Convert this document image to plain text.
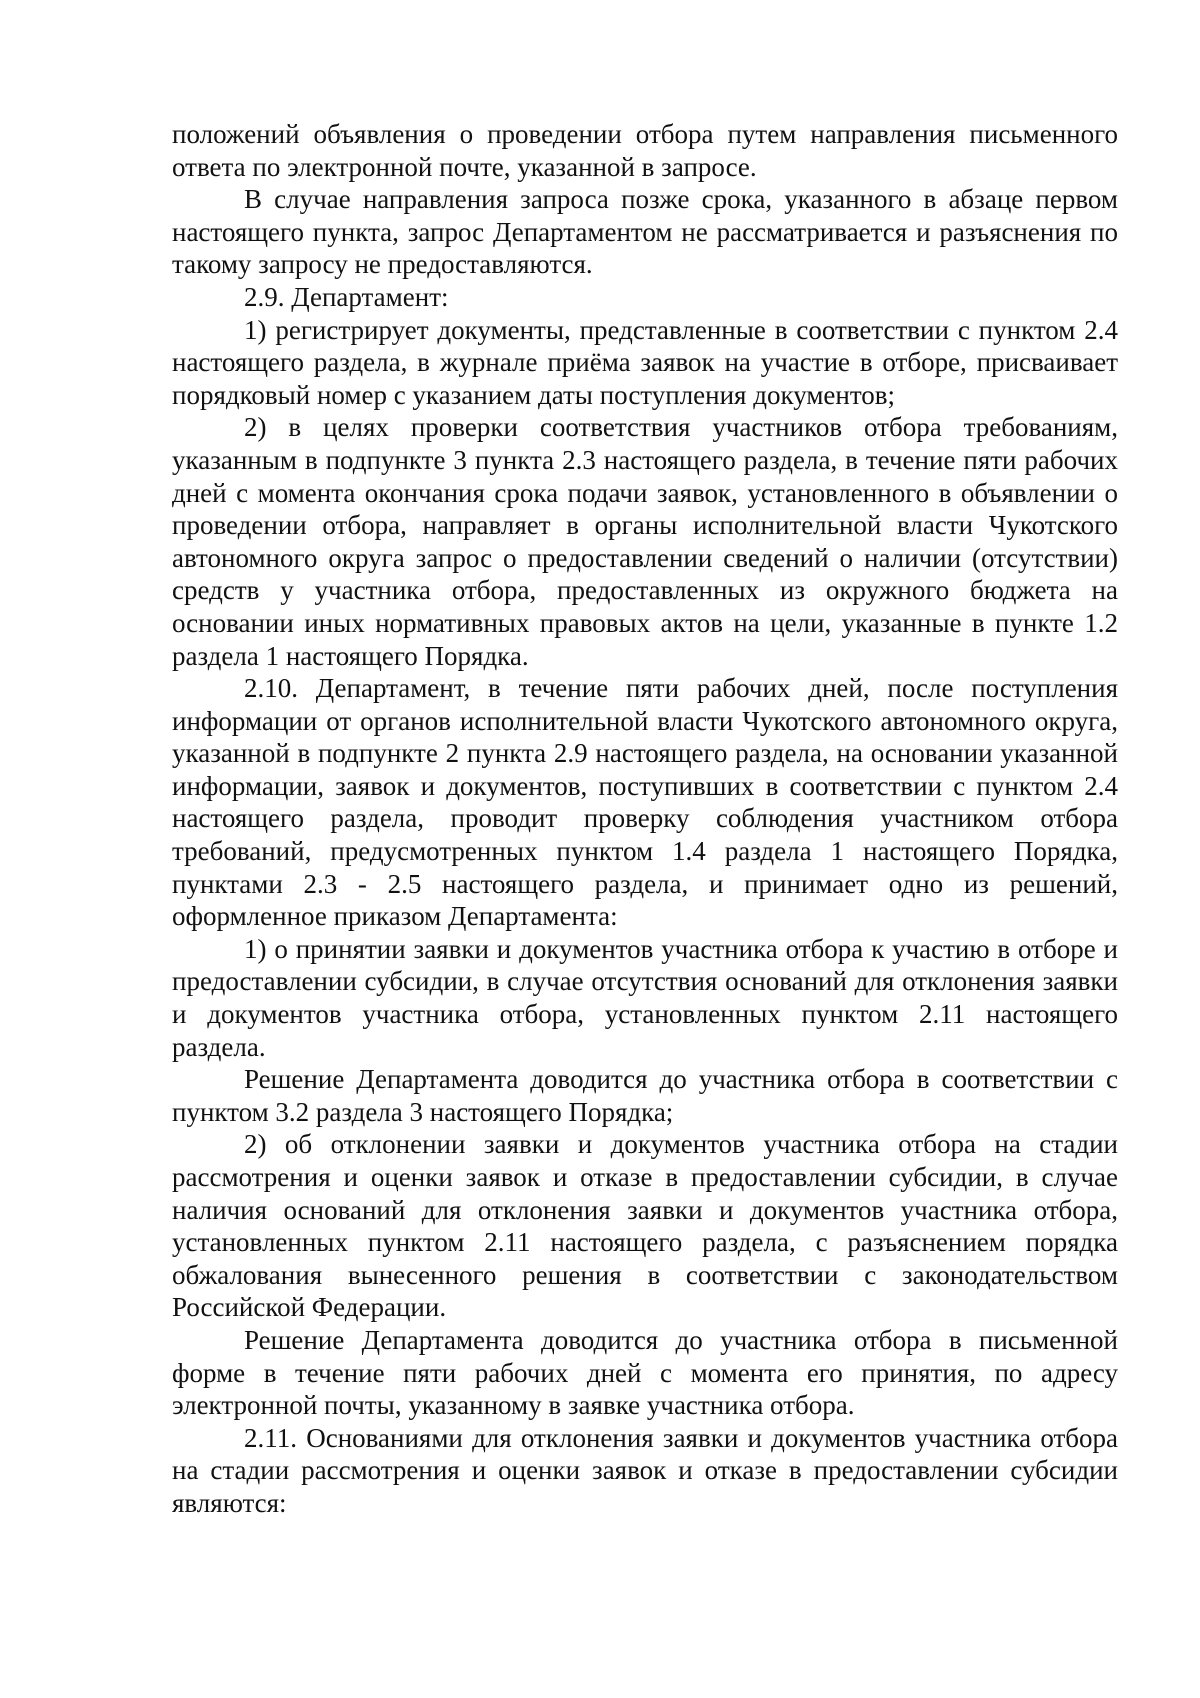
положений объявления о проведении отбора путем направления письменного ответа по электронной почте, указанной в запросе.

В случае направления запроса позже срока, указанного в абзаце первом настоящего пункта, запрос Департаментом не рассматривается и разъяснения по такому запросу не предоставляются.

2.9. Департамент:

1) регистрирует документы, представленные в соответствии с пунктом 2.4 настоящего раздела, в журнале приёма заявок на участие в отборе, присваивает порядковый номер с указанием даты поступления документов;

2) в целях проверки соответствия участников отбора требованиям, указанным в подпункте 3 пункта 2.3 настоящего раздела, в течение пяти рабочих дней с момента окончания срока подачи заявок, установленного в объявлении о проведении отбора, направляет в органы исполнительной власти Чукотского автономного округа запрос о предоставлении сведений о наличии (отсутствии) средств у участника отбора, предоставленных из окружного бюджета на основании иных нормативных правовых актов на цели, указанные в пункте 1.2 раздела 1 настоящего Порядка.

2.10. Департамент, в течение пяти рабочих дней, после поступления информации от органов исполнительной власти Чукотского автономного округа, указанной в подпункте 2 пункта 2.9 настоящего раздела, на основании указанной информации, заявок и документов, поступивших в соответствии с пунктом 2.4 настоящего раздела, проводит проверку соблюдения участником отбора требований, предусмотренных пунктом 1.4 раздела 1 настоящего Порядка, пунктами 2.3 - 2.5 настоящего раздела, и принимает одно из решений, оформленное приказом Департамента:

1) о принятии заявки и документов участника отбора к участию в отборе и предоставлении субсидии, в случае отсутствия оснований для отклонения заявки и документов участника отбора, установленных пунктом 2.11 настоящего раздела.

Решение Департамента доводится до участника отбора в соответствии с пунктом 3.2 раздела 3 настоящего Порядка;

2) об отклонении заявки и документов участника отбора на стадии рассмотрения и оценки заявок и отказе в предоставлении субсидии, в случае наличия оснований для отклонения заявки и документов участника отбора, установленных пунктом 2.11 настоящего раздела, с разъяснением порядка обжалования вынесенного решения в соответствии с законодательством Российской Федерации.

Решение Департамента доводится до участника отбора в письменной форме в течение пяти рабочих дней с момента его принятия, по адресу электронной почты, указанному в заявке участника отбора.

2.11. Основаниями для отклонения заявки и документов участника отбора на стадии рассмотрения и оценки заявок и отказе в предоставлении субсидии являются:
